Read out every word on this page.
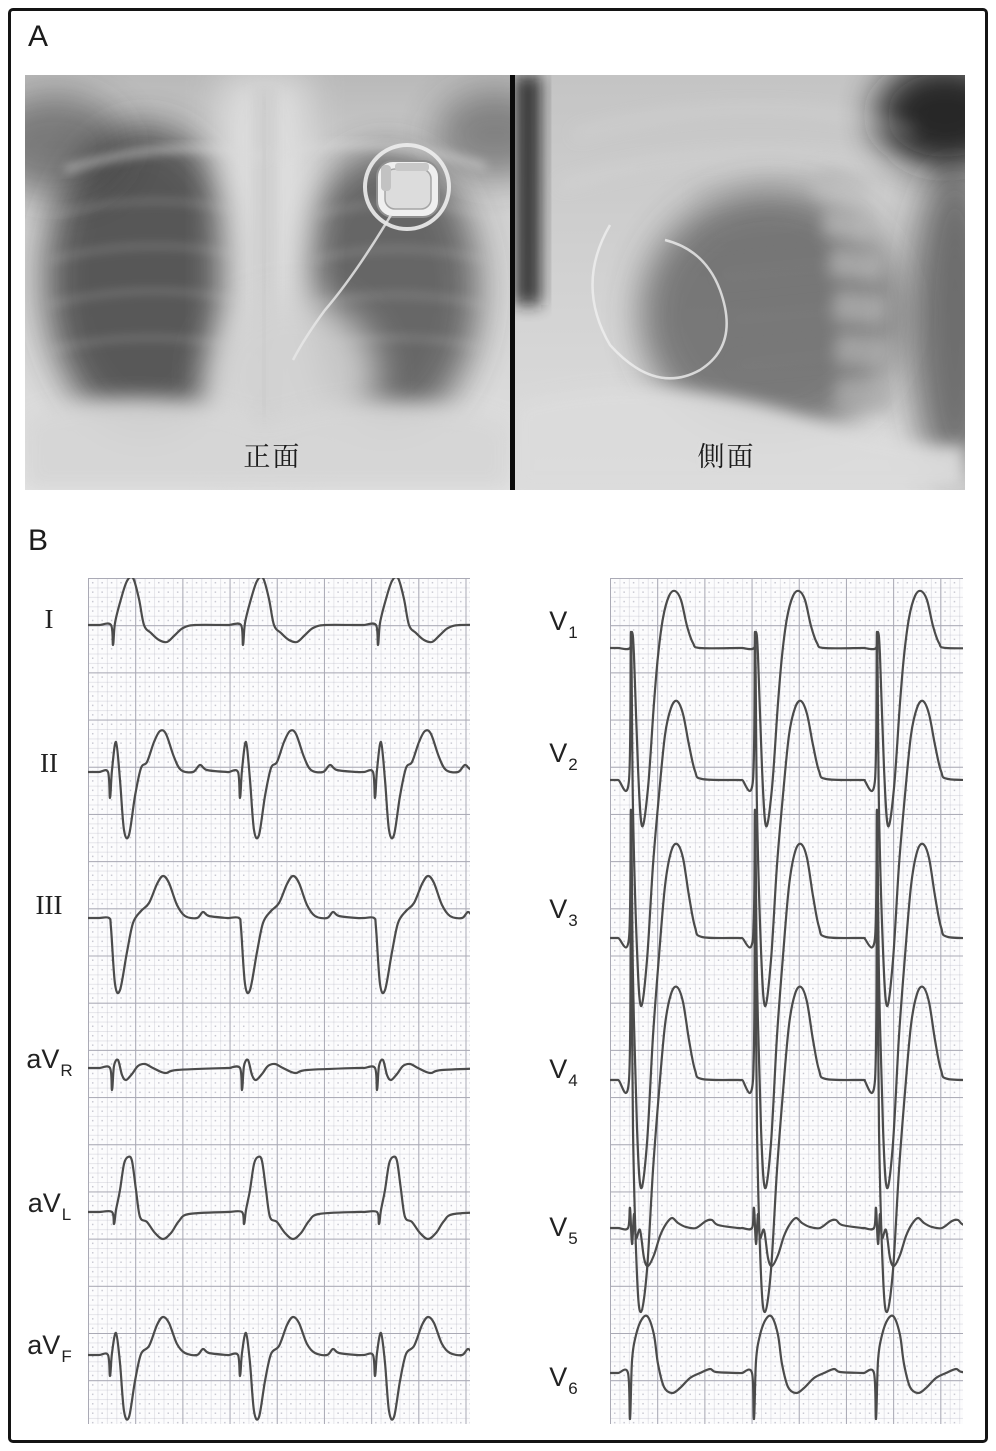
A
正面	側面
B
I
II
III
$aV_R$
$aV_L$
$aV_F$
$V_1$
$V_2$
$V_3$
$V_4$
$V_5$
$V_6$
